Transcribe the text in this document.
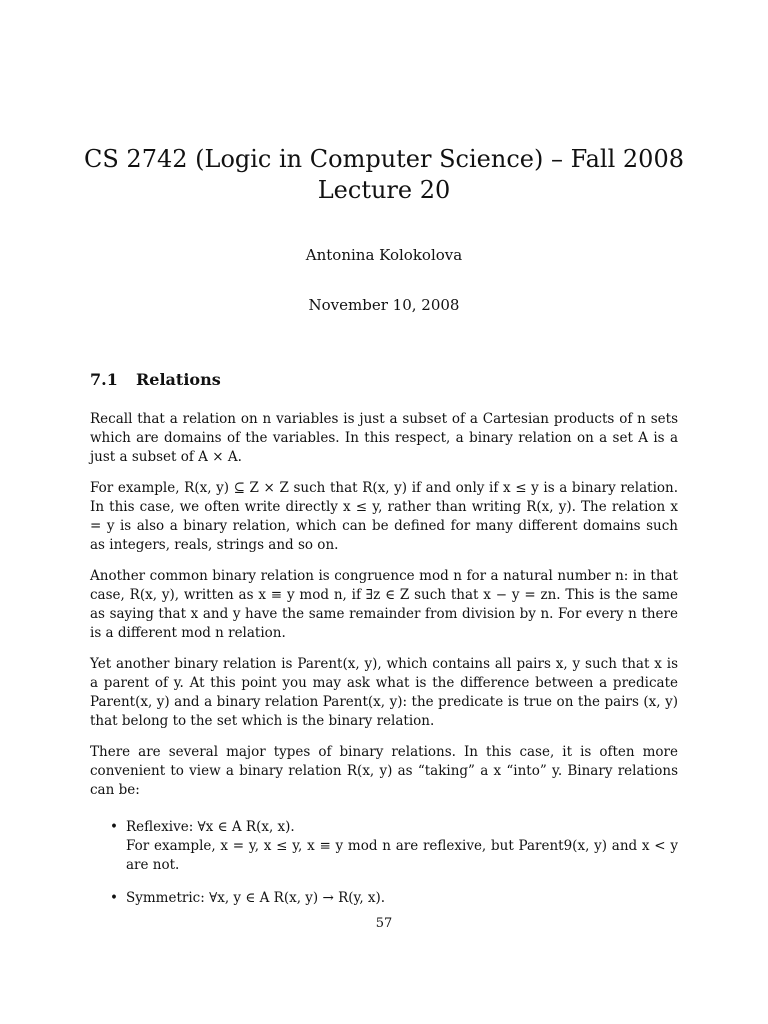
CS 2742 (Logic in Computer Science) – Fall 2008
Lecture 20
Antonina Kolokolova
November 10, 2008
7.1 Relations

Recall that a relation on n variables is just a subset of a Cartesian products of n sets which are domains of the variables. In this respect, a binary relation on a set A is a just a subset of A × A.

For example, R(x, y) ⊆ Z × Z such that R(x, y) if and only if x ≤ y is a binary relation. In this case, we often write directly x ≤ y, rather than writing R(x, y). The relation x = y is also a binary relation, which can be defined for many different domains such as integers, reals, strings and so on.

Another common binary relation is congruence mod n for a natural number n: in that case, R(x, y), written as x ≡ y mod n, if ∃z ∈ Z such that x − y = zn. This is the same as saying that x and y have the same remainder from division by n. For every n there is a different mod n relation.

Yet another binary relation is Parent(x, y), which contains all pairs x, y such that x is a parent of y. At this point you may ask what is the difference between a predicate Parent(x, y) and a binary relation Parent(x, y): the predicate is true on the pairs (x, y) that belong to the set which is the binary relation.

There are several major types of binary relations. In this case, it is often more convenient to view a binary relation R(x, y) as “taking” a x “into” y. Binary relations can be:

• Reflexive: ∀x ∈ A R(x, x).
For example, x = y, x ≤ y, x ≡ y mod n are reflexive, but Parent9(x, y) and x < y are not.
• Symmetric: ∀x, y ∈ A R(x, y) → R(y, x).
57
